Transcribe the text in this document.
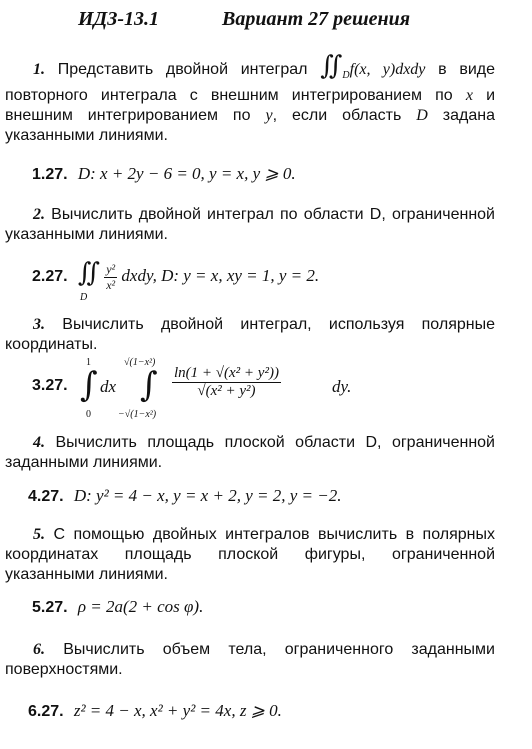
ИДЗ-13.1	Вариант 27 решения
1. Представить двойной интеграл $∬_Df(x$, y)dxdy в виде повторного интеграла с внешним интегрированием по x и внешним интегрированием по y, если область D задана указанными линиями.
1.27. D: x + 2y − 6 = 0, y = x, y ⩾ 0.
2. Вычислить двойной интеграл по области D, ограниченной указанными линиями.
2.27. ∬ $\frac{\text{y²}}{\text{x²}}$ dxdy, D: y = x, xy = 1, y = 2.
D
3. Вычислить двойной интеграл, используя полярные координаты.
3.27.
1
∫
0
dx
√(1−x²)
∫
−√(1−x²)
$\frac{\text{ln(1 + √(x² + y²))}}{\text{√(x² + y²)}}$	dy.
4. Вычислить площадь плоской области D, ограниченной заданными линиями.
4.27. D: y² = 4 − x, y = x + 2, y = 2, y = −2.
5. С помощью двойных интегралов вычислить в полярных координатах площадь плоской фигуры, ограниченной указанными линиями.
5.27. ρ = 2a(2 + cos φ).
6. Вычислить объем тела, ограниченного заданными поверхностями.
6.27. z² = 4 − x, x² + y² = 4x, z ⩾ 0.
